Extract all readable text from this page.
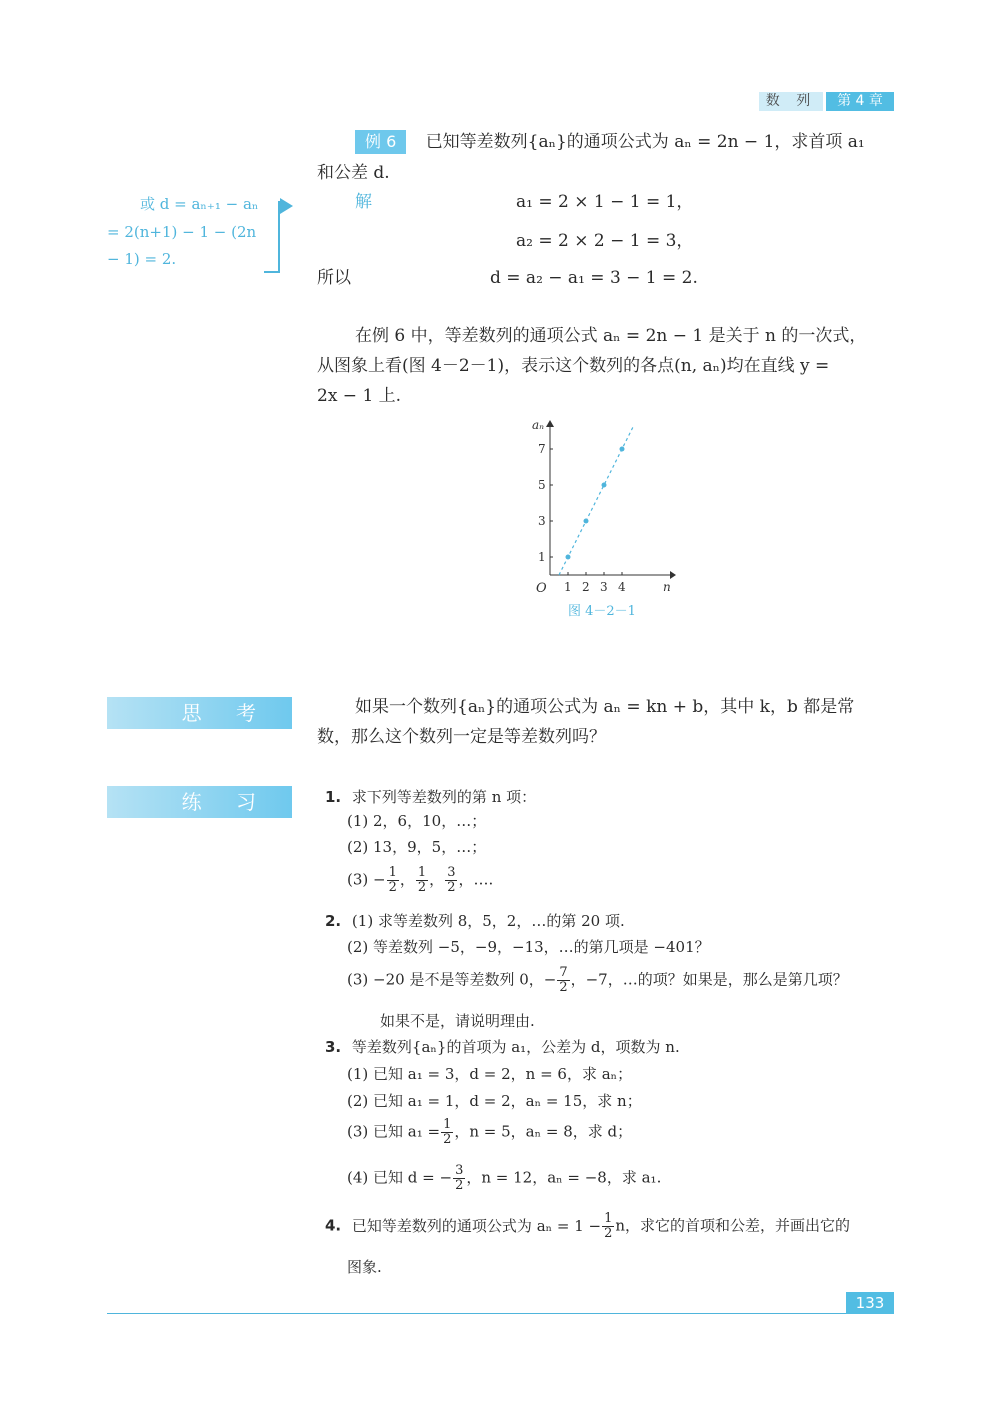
数 列	第 4 章
例 6 已知等差数列{aₙ}的通项公式为 aₙ = 2n − 1，求首项 a₁
和公差 d.
解	a₁ = 2 × 1 − 1 = 1，
a₂ = 2 × 2 − 1 = 3，
所以	d = a₂ − a₁ = 3 − 1 = 2.
或 d = aₙ₊₁ − aₙ
= 2(n+1) − 1 − (2n
− 1) = 2.
在例 6 中，等差数列的通项公式 aₙ = 2n − 1 是关于 n 的一次式，
从图象上看(图 4－2－1)，表示这个数列的各点(n, aₙ)均在直线 y =
2x − 1 上.
1 2 3 4
1
3
5
7
n
aₙ
O
图 4－2－1
思 考	如果一个数列{aₙ}的通项公式为 aₙ = kn + b，其中 k，b 都是常
数，那么这个数列一定是等差数列吗？
练 习	1. 求下列等差数列的第 n 项：
(1) 2，6，10，…；
(2) 13，9，5，…；
$(3) - \frac{1}{2}$ ， $\frac{1}{2}$ ， $\frac{3}{2}$ ，….
2. (1) 求等差数列 8，5，2，…的第 20 项.
(2) 等差数列 −5，−9，−13，…的第几项是 −401？
(3) −20 是不是等差数列 0，− $\frac{7}{2}$ ，−7，…的项？如果是，那么是第几项？
如果不是，请说明理由.
3. 等差数列{aₙ}的首项为 a₁，公差为 d，项数为 n.
(1) 已知 a₁ = 3，d = 2，n = 6，求 aₙ；
(2) 已知 a₁ = 1，d = 2，aₙ = 15，求 n；
(3) 已知 $a_1 = \frac{1}{2}$ ，n = 5，aₙ = 8，求 d；
(4) 已知 d = − $\frac{3}{2}$ ，n = 12，aₙ = −8，求 a₁.
4. 已知等差数列的通项公式为 $a_n = 1 - \frac{1}{2}$ n，求它的首项和公差，并画出它的
图象.
133
